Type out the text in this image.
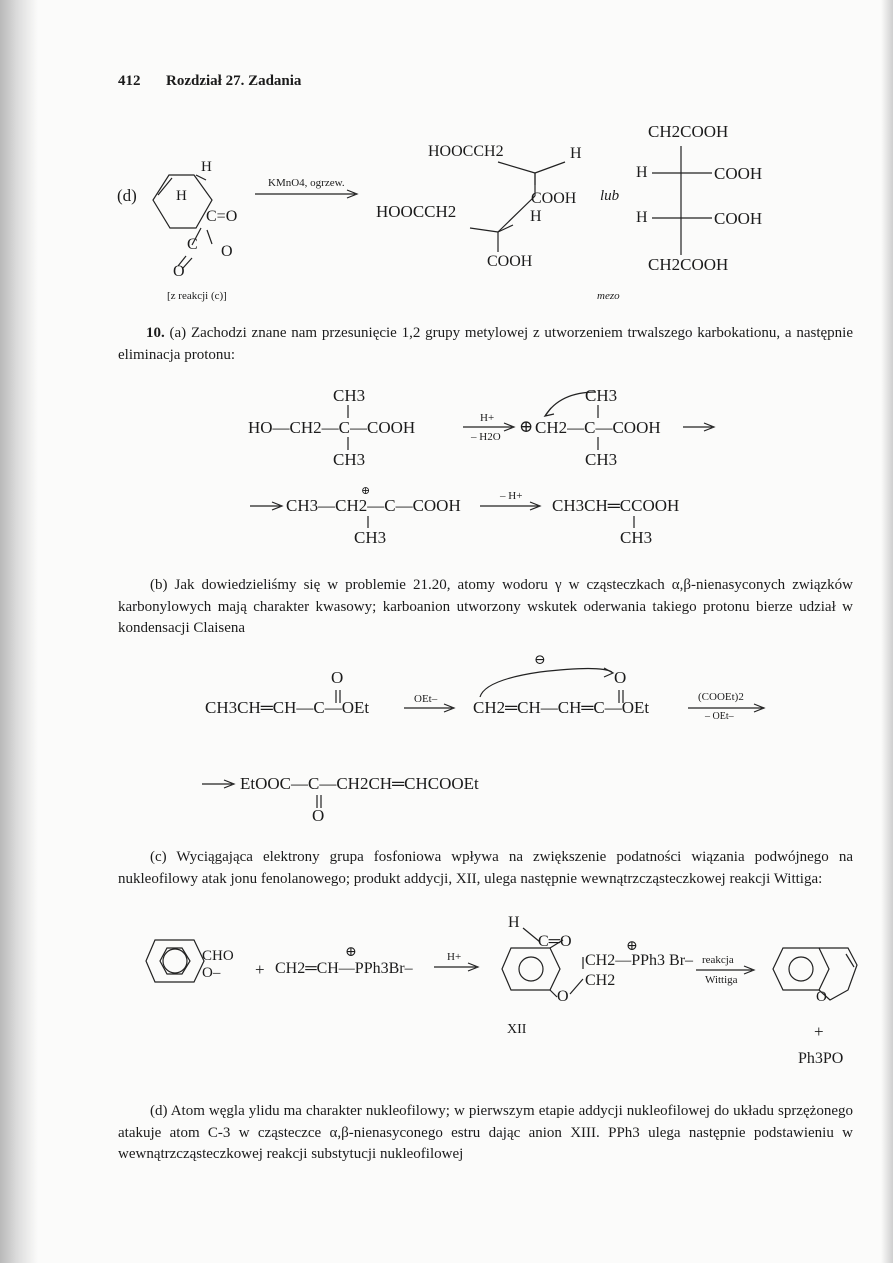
412 Rozdział 27. Zadania
(d)
H
H
C=O
C O
O
KMnO4, ogrzew.
HOOCCH2	H
HOOCCH2
COOH
H
COOH
lub
CH2COOH
H	COOH
H	COOH
CH2COOH
[z reakcji (c)]	mezo
10. (a) Zachodzi znane nam przesunięcie 1,2 grupy metylowej z utworzeniem trwalszego karbokationu, a następnie eliminacja protonu:
CH3
HO—CH2—C—COOH
CH3
H+
– H2O
⊕
CH3
CH2—C—COOH
CH3
⊕
CH3—CH2—C—COOH
CH3
– H+ CH3CH═CCOOH
CH3
(b) Jak dowiedzieliśmy się w problemie 21.20, atomy wodoru γ w cząsteczkach α,β-nienasyconych związków karbonylowych mają charakter kwasowy; karboanion utworzony wskutek oderwania takiego protonu bierze udział w kondensacji Claisena
O
CH3CH═CH—C—OEt	OEt–
⊖
O
CH2═CH—CH═C—OEt
(COOEt)2
– OEt–
EtOOC—C—CH2CH═CHCOOEt
O
(c) Wyciągająca elektrony grupa fosfoniowa wpływa na zwiększenie podatności wiązania podwójnego na nukleofilowy atak jonu fenolanowego; produkt addycji, XII, ulega następnie wewnątrzcząsteczkowej reakcji Wittiga:
CHO
O– +
⊕
CH2═CH—PPh3Br–
H+
H
C═O	⊕
CH2—PPh3 Br–
CH2
O
XII
reakcja
Wittiga
O
+
Ph3PO
(d) Atom węgla ylidu ma charakter nukleofilowy; w pierwszym etapie addycji nukleofilowej do układu sprzężonego atakuje atom C-3 w cząsteczce α,β-nienasyconego estru dając anion XIII. PPh3 ulega następnie podstawieniu w wewnątrzcząsteczkowej reakcji substytucji nukleofilowej
